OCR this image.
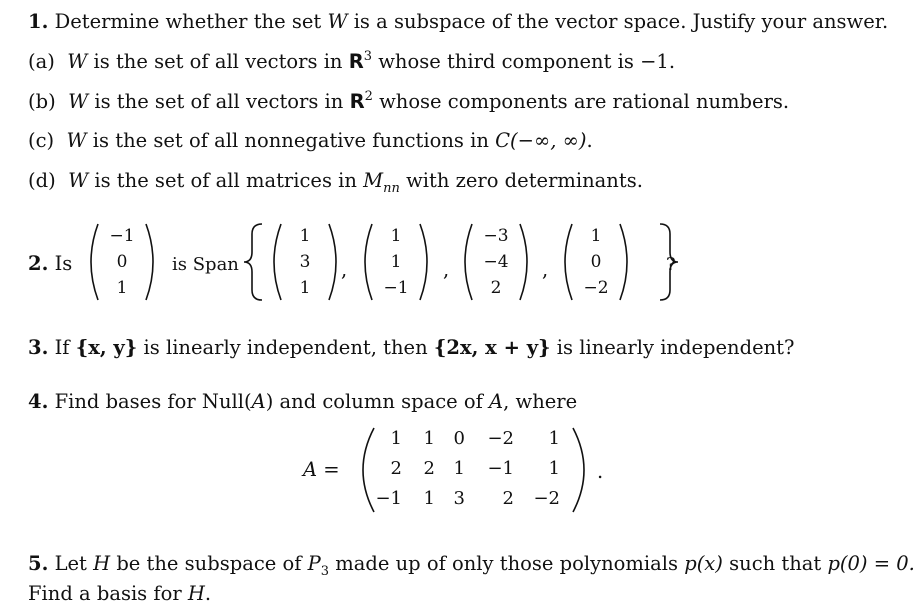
1. Determine whether the set W is a subspace of the vector space. Justify your answer.
(a) W is the set of all vectors in $R^3$ whose third component is −1.
(b) W is the set of all vectors in $R^2$ whose components are rational numbers.
(c) W is the set of all nonnegative functions in C(−∞, ∞).
(d) W is the set of all matrices in $M_{nn}$ with zero determinants.
2. Is
−1
0
1
is Span
1
3
1
,
1
1
−1
,
−3
−4
2
,
1
0
−2
?
3. If {x, y} is linearly independent, then {2x, x + y} is linearly independent?
4. Find bases for Null(A) and column space of A, where
A =
1	1	0	−2	1
2	2	1	−1	1
−1	1	3	2	−2
.
5. Let H be the subspace of $P_3$ made up of only those polynomials p(x) such that p(0) = 0.
Find a basis for H.
